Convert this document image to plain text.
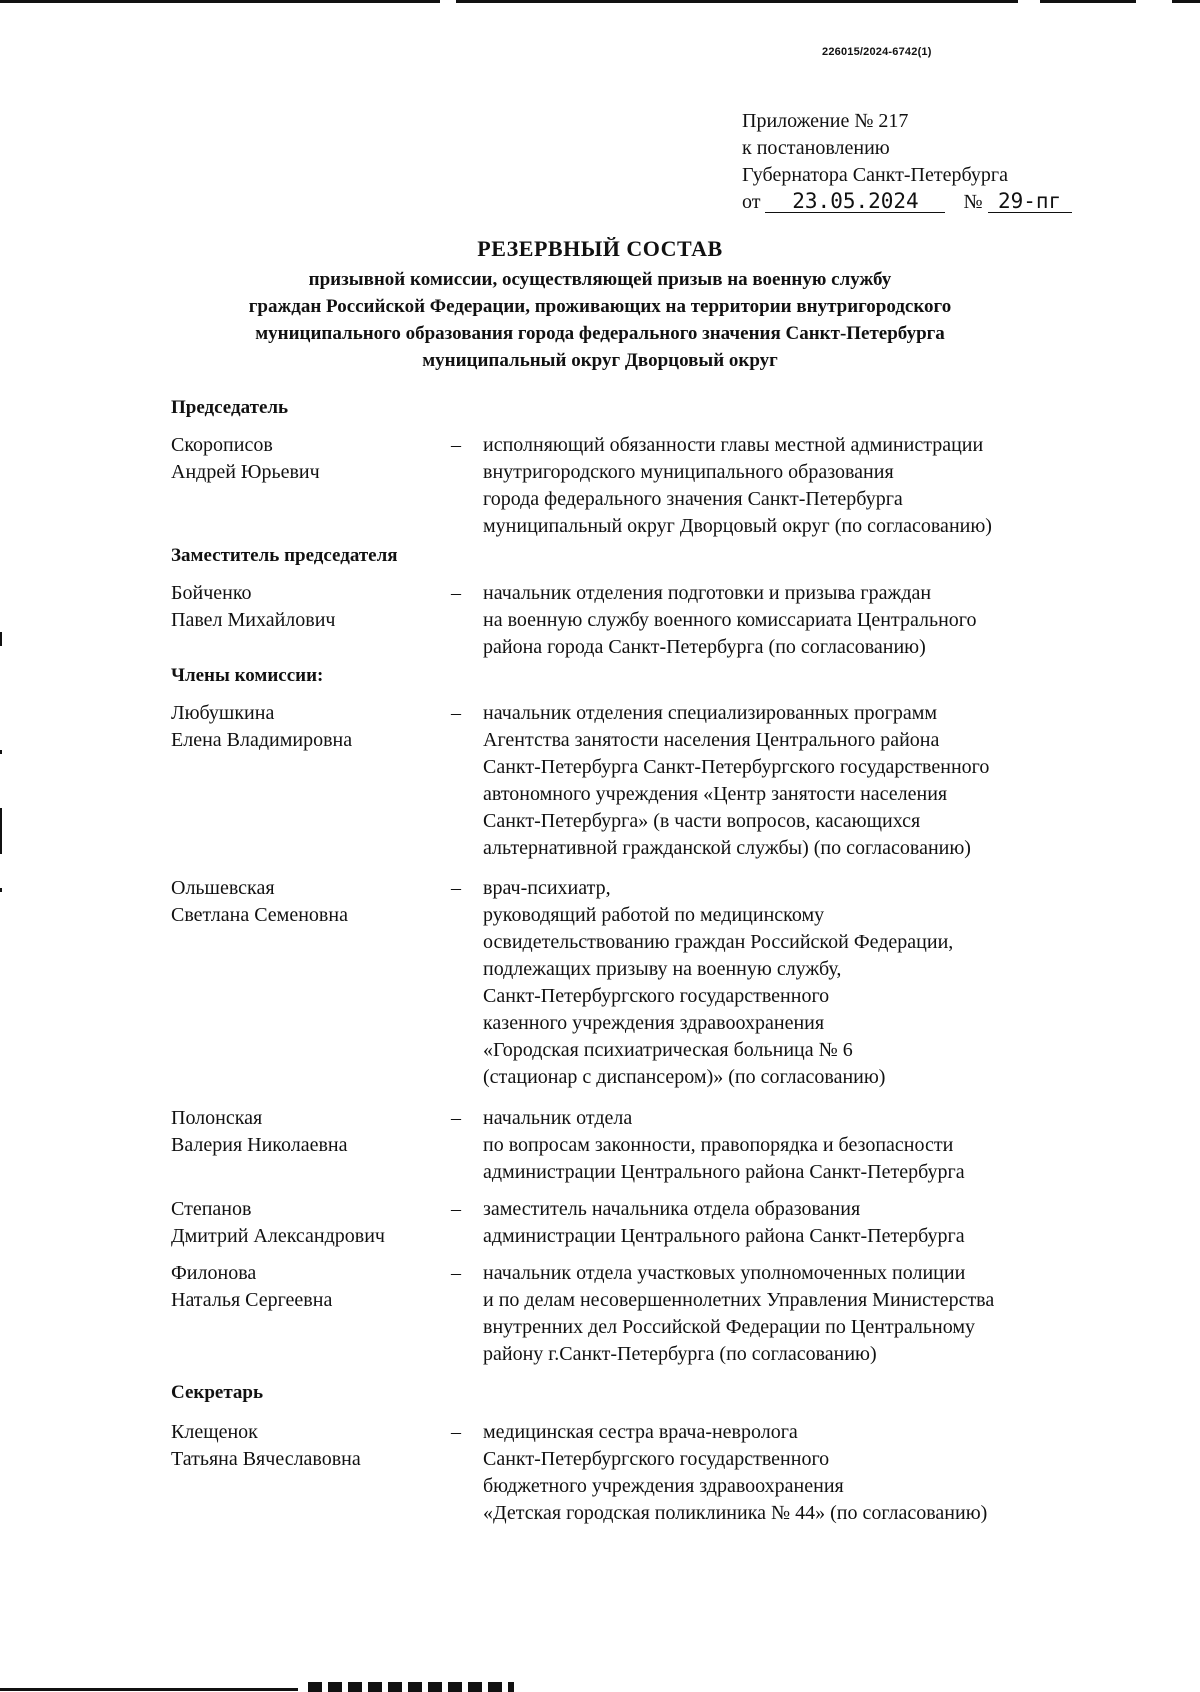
226015/2024-6742(1)
Приложение № 217
к постановлению
Губернатора Санкт-Петербурга
от 23.05.2024 № 29-пг
РЕЗЕРВНЫЙ СОСТАВ
призывной комиссии, осуществляющей призыв на военную службу
граждан Российской Федерации, проживающих на территории внутригородского
муниципального образования города федерального значения Санкт-Петербурга
муниципальный округ Дворцовый округ
Председатель
Скорописов
Андрей Юрьевич
–	исполняющий обязанности главы местной администрации
внутригородского муниципального образования
города федерального значения Санкт-Петербурга
муниципальный округ Дворцовый округ (по согласованию)
Заместитель председателя
Бойченко
Павел Михайлович
–	начальник отделения подготовки и призыва граждан
на военную службу военного комиссариата Центрального
района города Санкт-Петербурга (по согласованию)
Члены комиссии:
Любушкина
Елена Владимировна
–	начальник отделения специализированных программ
Агентства занятости населения Центрального района
Санкт-Петербурга Санкт-Петербургского государственного
автономного учреждения «Центр занятости населения
Санкт-Петербурга» (в части вопросов, касающихся
альтернативной гражданской службы) (по согласованию)
Ольшевская
Светлана Семеновна
–	врач-психиатр,
руководящий работой по медицинскому
освидетельствованию граждан Российской Федерации,
подлежащих призыву на военную службу,
Санкт-Петербургского государственного
казенного учреждения здравоохранения
«Городская психиатрическая больница № 6
(стационар с диспансером)» (по согласованию)
Полонская
Валерия Николаевна
–	начальник отдела
по вопросам законности, правопорядка и безопасности
администрации Центрального района Санкт-Петербурга
Степанов
Дмитрий Александрович
–	заместитель начальника отдела образования
администрации Центрального района Санкт-Петербурга
Филонова
Наталья Сергеевна
–	начальник отдела участковых уполномоченных полиции
и по делам несовершеннолетних Управления Министерства
внутренних дел Российской Федерации по Центральному
району г.Санкт-Петербурга (по согласованию)
Секретарь
Клещенок
Татьяна Вячеславовна
–	медицинская сестра врача-невролога
Санкт-Петербургского государственного
бюджетного учреждения здравоохранения
«Детская городская поликлиника № 44» (по согласованию)
